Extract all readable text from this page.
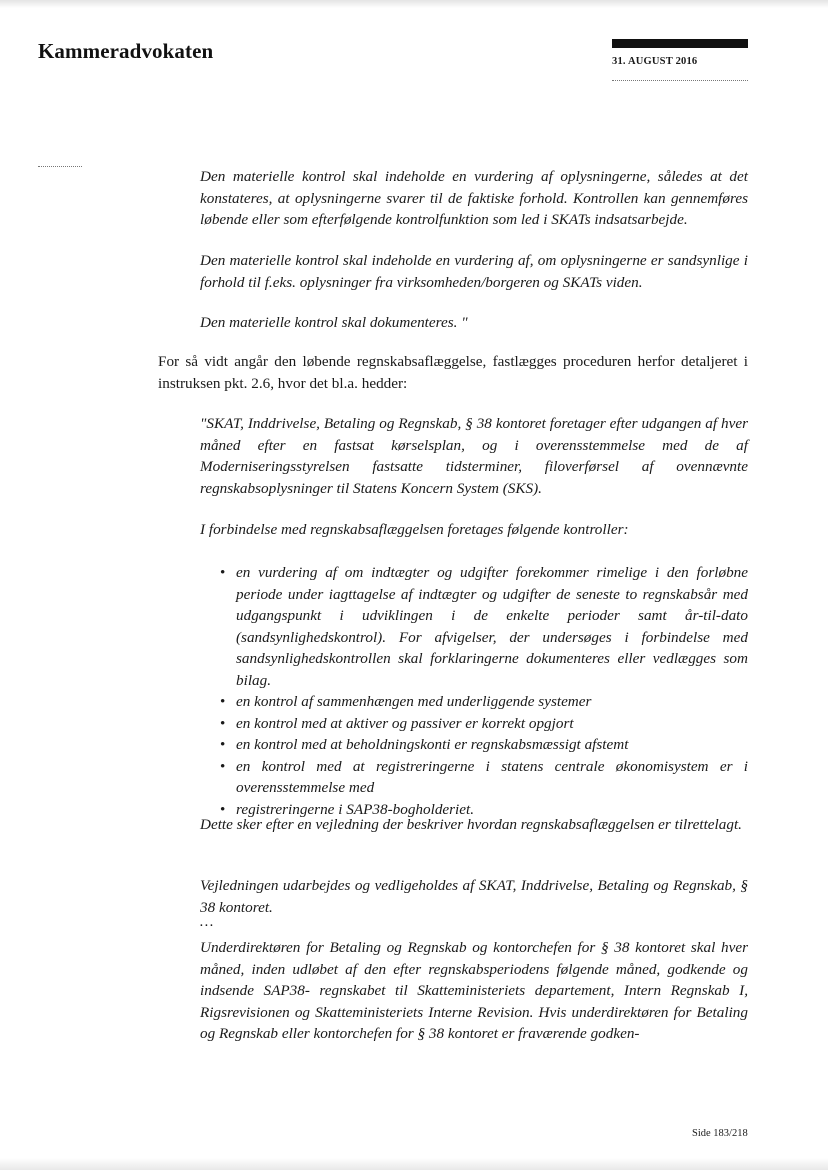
Kammeradvokaten	31. AUGUST 2016

Den materielle kontrol skal indeholde en vurdering af oplysningerne, således at det konstateres, at oplysningerne svarer til de faktiske forhold. Kontrollen kan gennemføres løbende eller som efterfølgende kontrolfunktion som led i SKATs indsatsarbejde.

Den materielle kontrol skal indeholde en vurdering af, om oplysningerne er sandsynlige i forhold til f.eks. oplysninger fra virksomheden/borgeren og SKATs viden.

Den materielle kontrol skal dokumenteres. "

For så vidt angår den løbende regnskabsaflæggelse, fastlægges proceduren herfor detaljeret i instruksen pkt. 2.6, hvor det bl.a. hedder:

"SKAT, Inddrivelse, Betaling og Regnskab, § 38 kontoret foretager efter udgangen af hver måned efter en fastsat kørselsplan, og i overensstemmelse med de af Moderniseringsstyrelsen fastsatte tidsterminer, filoverførsel af ovennævnte regnskabsoplysninger til Statens Koncern System (SKS).

I forbindelse med regnskabsaflæggelsen foretages følgende kontroller:

• en vurdering af om indtægter og udgifter forekommer rimelige i den forløbne periode under iagttagelse af indtægter og udgifter de seneste to regnskabsår med udgangspunkt i udviklingen i de enkelte perioder samt år-til-dato (sandsynlighedskontrol). For afvigelser, der undersøges i forbindelse med sandsynlighedskontrollen skal forklaringerne dokumenteres eller vedlægges som bilag.
• en kontrol af sammenhængen med underliggende systemer
• en kontrol med at aktiver og passiver er korrekt opgjort
• en kontrol med at beholdningskonti er regnskabsmæssigt afstemt
• en kontrol med at registreringerne i statens centrale økonomisystem er i overensstemmelse med
• registreringerne i SAP38-bogholderiet.

Dette sker efter en vejledning der beskriver hvordan regnskabsaflæggelsen er tilrettelagt.

Vejledningen udarbejdes og vedligeholdes af SKAT, Inddrivelse, Betaling og Regnskab, § 38 kontoret.

…

Underdirektøren for Betaling og Regnskab og kontorchefen for § 38 kontoret skal hver måned, inden udløbet af den efter regnskabsperiodens følgende måned, godkende og indsende SAP38- regnskabet til Skatteministeriets departement, Intern Regnskab I, Rigsrevisionen og Skatteministeriets Interne Revision. Hvis underdirektøren for Betaling og Regnskab eller kontorchefen for § 38 kontoret er fraværende godken-

Side 183/218
